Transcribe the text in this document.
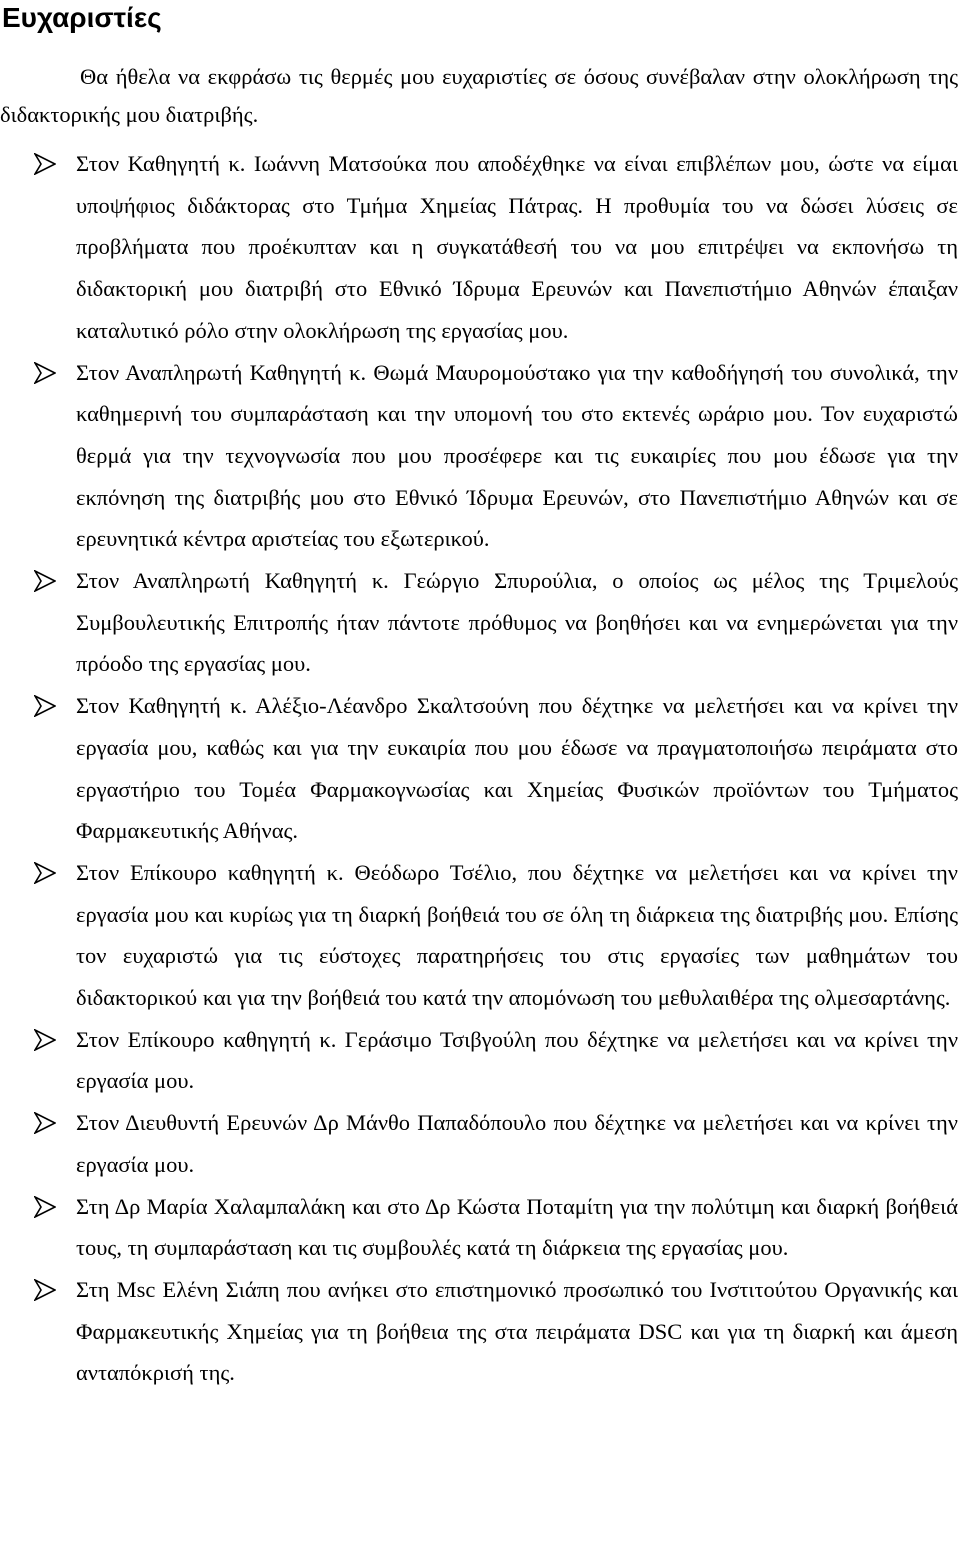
Ευχαριστίες

Θα ήθελα να εκφράσω τις θερμές μου ευχαριστίες σε όσους συνέβαλαν στην ολοκλήρωση της διδακτορικής μου διατριβής.

Στον Καθηγητή κ. Ιωάννη Ματσούκα που αποδέχθηκε να είναι επιβλέπων μου, ώστε να είμαι υποψήφιος διδάκτορας στο Τμήμα Χημείας Πάτρας. Η προθυμία του να δώσει λύσεις σε προβλήματα που προέκυπταν και η συγκατάθεσή του να μου επιτρέψει να εκπονήσω τη διδακτορική μου διατριβή στο Εθνικό Ίδρυμα Ερευνών και Πανεπιστήμιο Αθηνών έπαιξαν καταλυτικό ρόλο στην ολοκλήρωση της εργασίας μου.
Στον Αναπληρωτή Καθηγητή κ. Θωμά Μαυρομούστακο για την καθοδήγησή του συνολικά, την καθημερινή του συμπαράσταση και την υπομονή του στο εκτενές ωράριο μου. Τον ευχαριστώ θερμά για την τεχνογνωσία που μου προσέφερε και τις ευκαιρίες που μου έδωσε για την εκπόνηση της διατριβής μου στο Εθνικό Ίδρυμα Ερευνών, στο Πανεπιστήμιο Αθηνών και σε ερευνητικά κέντρα αριστείας του εξωτερικού.
Στον Αναπληρωτή Καθηγητή κ. Γεώργιο Σπυρούλια, ο οποίος ως μέλος της Τριμελούς Συμβουλευτικής Επιτροπής ήταν πάντοτε πρόθυμος να βοηθήσει και να ενημερώνεται για την πρόοδο της εργασίας μου.
Στον Καθηγητή κ. Αλέξιο-Λέανδρο Σκαλτσούνη που δέχτηκε να μελετήσει και να κρίνει την εργασία μου, καθώς και για την ευκαιρία που μου έδωσε να πραγματοποιήσω πειράματα στο εργαστήριο του Τομέα Φαρμακογνωσίας και Χημείας Φυσικών προϊόντων του Τμήματος Φαρμακευτικής Αθήνας.
Στον Επίκουρο καθηγητή κ. Θεόδωρο Τσέλιο, που δέχτηκε να μελετήσει και να κρίνει την εργασία μου και κυρίως για τη διαρκή βοήθειά του σε όλη τη διάρκεια της διατριβής μου. Επίσης τον ευχαριστώ για τις εύστοχες παρατηρήσεις του στις εργασίες των μαθημάτων του διδακτορικού και για την βοήθειά του κατά την απομόνωση του μεθυλαιθέρα της ολμεσαρτάνης.
Στον Επίκουρο καθηγητή κ. Γεράσιμο Τσιβγούλη που δέχτηκε να μελετήσει και να κρίνει την εργασία μου.
Στον Διευθυντή Ερευνών Δρ Μάνθο Παπαδόπουλο που δέχτηκε να μελετήσει και να κρίνει την εργασία μου.
Στη Δρ Μαρία Χαλαμπαλάκη και στο Δρ Κώστα Ποταμίτη για την πολύτιμη και διαρκή βοήθειά τους, τη συμπαράσταση και τις συμβουλές κατά τη διάρκεια της εργασίας μου.
Στη Msc Ελένη Σιάπη που ανήκει στο επιστημονικό προσωπικό του Ινστιτούτου Οργανικής και Φαρμακευτικής Χημείας για τη βοήθεια της στα πειράματα DSC και για τη διαρκή και άμεση ανταπόκρισή της.
